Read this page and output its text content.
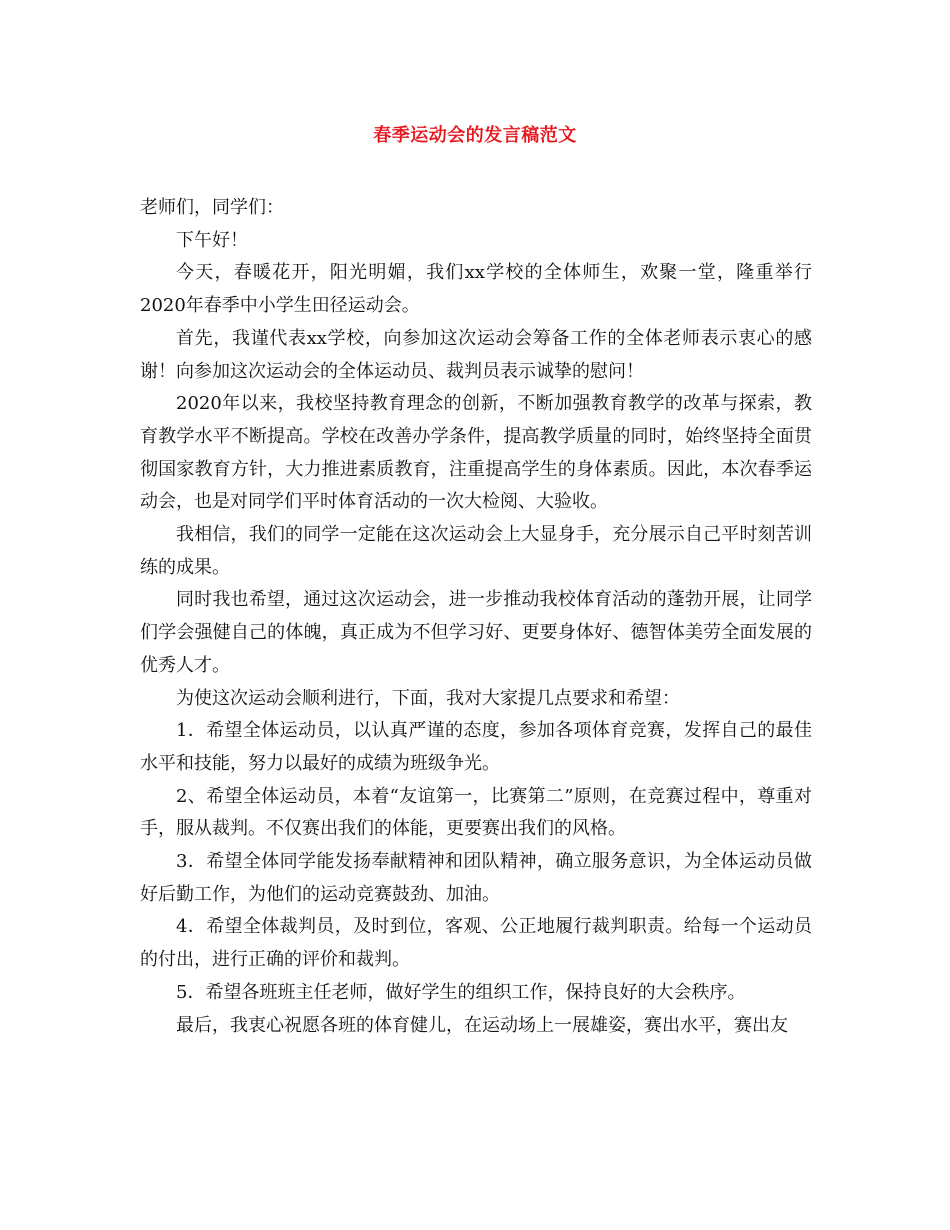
春季运动会的发言稿范文

老师们，同学们：

下午好！

今天，春暖花开，阳光明媚，我们xx学校的全体师生，欢聚一堂，隆重举行2020年春季中小学生田径运动会。

首先，我谨代表xx学校，向参加这次运动会筹备工作的全体老师表示衷心的感谢！向参加这次运动会的全体运动员、裁判员表示诚挚的慰问！

2020年以来，我校坚持教育理念的创新，不断加强教育教学的改革与探索，教育教学水平不断提高。学校在改善办学条件，提高教学质量的同时，始终坚持全面贯彻国家教育方针，大力推进素质教育，注重提高学生的身体素质。因此，本次春季运动会，也是对同学们平时体育活动的一次大检阅、大验收。

我相信，我们的同学一定能在这次运动会上大显身手，充分展示自己平时刻苦训练的成果。

同时我也希望，通过这次运动会，进一步推动我校体育活动的蓬勃开展，让同学们学会强健自己的体魄，真正成为不但学习好、更要身体好、德智体美劳全面发展的优秀人才。

为使这次运动会顺利进行，下面，我对大家提几点要求和希望：

1．希望全体运动员，以认真严谨的态度，参加各项体育竞赛，发挥自己的最佳水平和技能，努力以最好的成绩为班级争光。

2、希望全体运动员，本着“友谊第一，比赛第二”原则，在竞赛过程中，尊重对手，服从裁判。不仅赛出我们的体能，更要赛出我们的风格。

3．希望全体同学能发扬奉献精神和团队精神，确立服务意识，为全体运动员做好后勤工作，为他们的运动竞赛鼓劲、加油。

4．希望全体裁判员，及时到位，客观、公正地履行裁判职责。给每一个运动员的付出，进行正确的评价和裁判。

5．希望各班班主任老师，做好学生的组织工作，保持良好的大会秩序。

最后，我衷心祝愿各班的体育健儿，在运动场上一展雄姿，赛出水平，赛出友
